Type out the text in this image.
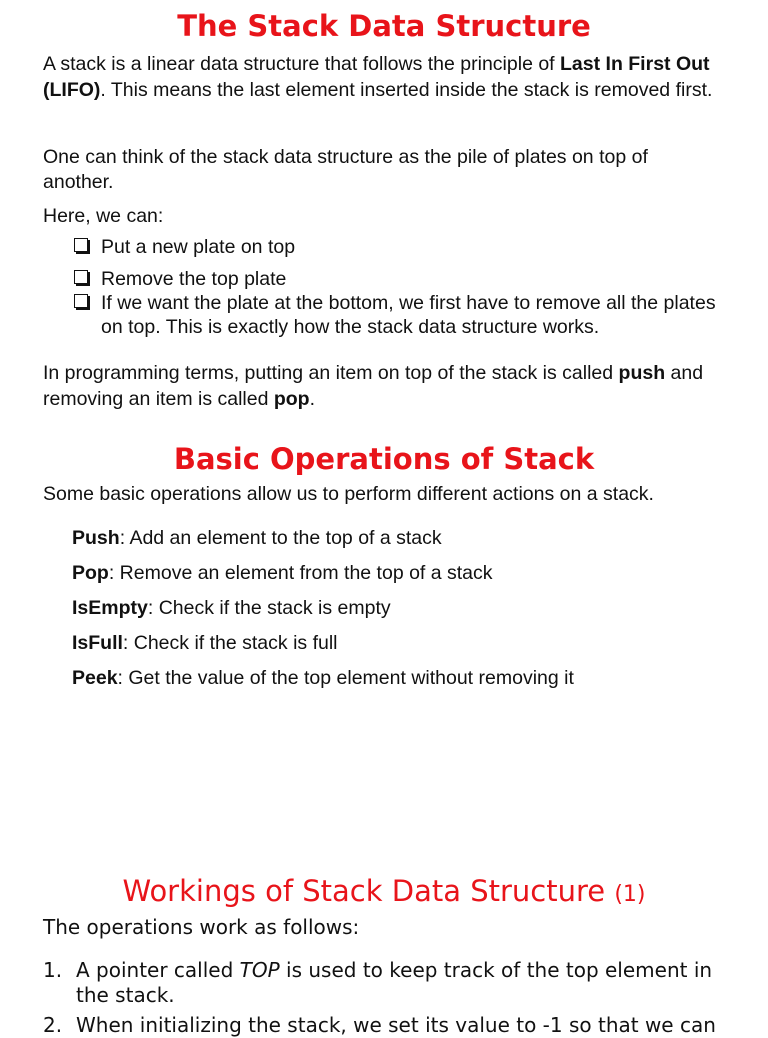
The Stack Data Structure

A stack is a linear data structure that follows the principle of Last In First Out (LIFO). This means the last element inserted inside the stack is removed first.

One can think of the stack data structure as the pile of plates on top of another.

Here, we can:

Put a new plate on top
Remove the top plate
If we want the plate at the bottom, we first have to remove all the plates on top. This is exactly how the stack data structure works.

In programming terms, putting an item on top of the stack is called push and removing an item is called pop.

Basic Operations of Stack

Some basic operations allow us to perform different actions on a stack.

Push: Add an element to the top of a stack
Pop: Remove an element from the top of a stack
IsEmpty: Check if the stack is empty
IsFull: Check if the stack is full
Peek: Get the value of the top element without removing it
Workings of Stack Data Structure (1)

The operations work as follows:

1. A pointer called TOP is used to keep track of the top element in the stack.
2. When initializing the stack, we set its value to -1 so that we can
